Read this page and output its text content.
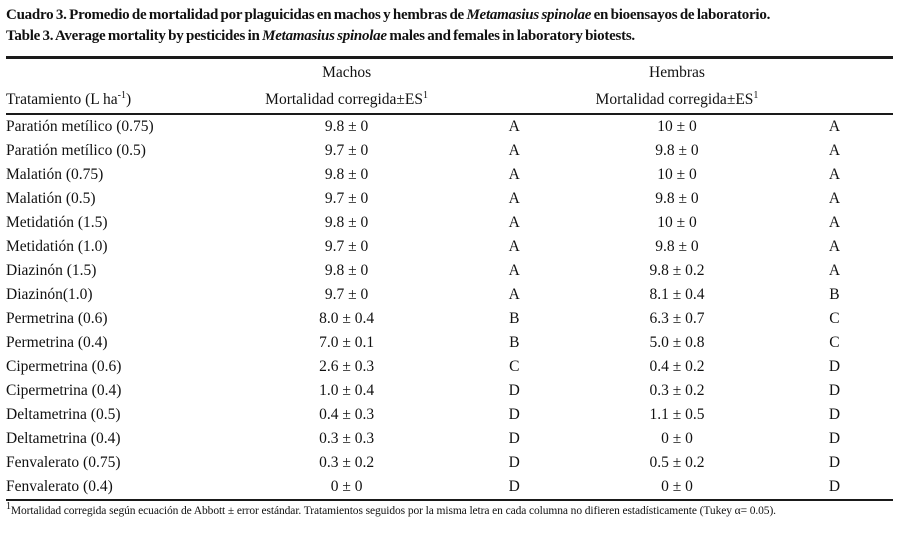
Cuadro 3. Promedio de mortalidad por plaguicidas en machos y hembras de Metamasius spinolae en bioensayos de laboratorio.
Table 3. Average mortality by pesticides in Metamasius spinolae males and females in laboratory biotests.
	Machos		Hembras	
Tratamiento (L $ha^{-1}$)	Mortalidad $corregida\pm ES^1$		Mortalidad $corregida\pm ES^1$	
Paratión metílico (0.75)	9.8 ± 0	A	10 ± 0	A
Paratión metílico (0.5)	9.7 ± 0	A	9.8 ± 0	A
Malatión (0.75)	9.8 ± 0	A	10 ± 0	A
Malatión (0.5)	9.7 ± 0	A	9.8 ± 0	A
Metidatión (1.5)	9.8 ± 0	A	10 ± 0	A
Metidatión (1.0)	9.7 ± 0	A	9.8 ± 0	A
Diazinón (1.5)	9.8 ± 0	A	9.8 ± 0.2	A
Diazinón(1.0)	9.7 ± 0	A	8.1 ± 0.4	B
Permetrina (0.6)	8.0 ± 0.4	B	6.3 ± 0.7	C
Permetrina (0.4)	7.0 ± 0.1	B	5.0 ± 0.8	C
Cipermetrina (0.6)	2.6 ± 0.3	C	0.4 ± 0.2	D
Cipermetrina (0.4)	1.0 ± 0.4	D	0.3 ± 0.2	D
Deltametrina (0.5)	0.4 ± 0.3	D	1.1 ± 0.5	D
Deltametrina (0.4)	0.3 ± 0.3	D	0 ± 0	D
Fenvalerato (0.75)	0.3 ± 0.2	D	0.5 ± 0.2	D
Fenvalerato (0.4)	0 ± 0	D	0 ± 0	D
$^1$Mortalidad corregida según ecuación de Abbott ± error estándar. Tratamientos seguidos por la misma letra en cada columna no difieren estadísticamente (Tukey α= 0.05).
